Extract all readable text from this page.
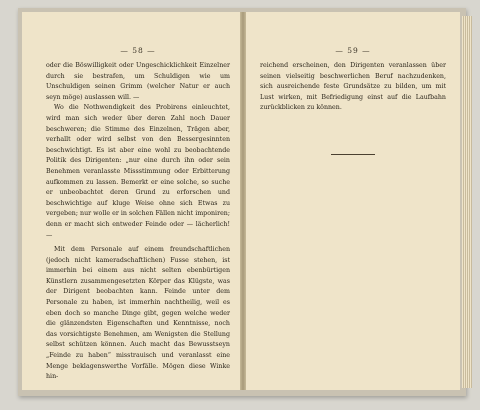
— 58 —

oder die Böswilligkeit oder Ungeschicklichkeit Einzelner durch sie bestrafen, um Schuldigen wie um Unschuldigen seinen Grimm (welcher Natur er auch seyn möge) auslassen will. —

Wo die Nothwendigkeit des Probirens einleuchtet, wird man sich weder über deren Zahl noch Dauer beschweren; die Stimme des Einzelnen, Trägen aber, verhallt oder wird selbst von den Bessergesinnten beschwichtigt. Es ist aber eine wohl zu beobachtende Politik des Dirigenten: „nur eine durch ihn oder sein Benehmen veranlasste Missstimmung oder Erbitterung aufkommen zu lassen. Bemerkt er eine solche, so suche er unbeobachtet deren Grund zu erforschen und beschwichtige auf kluge Weise ohne sich Etwas zu vergeben; nur wolle er in solchen Fällen nicht imponiren; denn er macht sich entweder Feinde oder — lächerlich! —

Mit dem Personale auf einem freundschaftlichen (jedoch nicht kameradschaftlichen) Fusse stehen, ist immerhin bei einem aus nicht selten ebenbürtigen Künstlern zusammengesetzten Körper das Klügste, was der Dirigent beobachten kann. Feinde unter dem Personale zu haben, ist immerhin nachtheilig, weil es eben doch so manche Dinge gibt, gegen welche weder die glänzendsten Eigenschaften und Kenntnisse, noch das vorsichtigste Benehmen, am Wenigsten die Stellung selbst schützen können. Auch macht das Bewusstseyn „Feinde zu haben“ misstrauisch und veranlasst eine Menge beklagenswerthe Vorfälle. Mögen diese Winke hin-

— 59 —

reichend erscheinen, den Dirigenten veranlassen über seinen vielseitig beschwerlichen Beruf nachzudenken, sich ausreichende feste Grundsätze zu bilden, um mit Lust wirken, mit Befriedigung einst auf die Laufbahn zurückblicken zu können.
